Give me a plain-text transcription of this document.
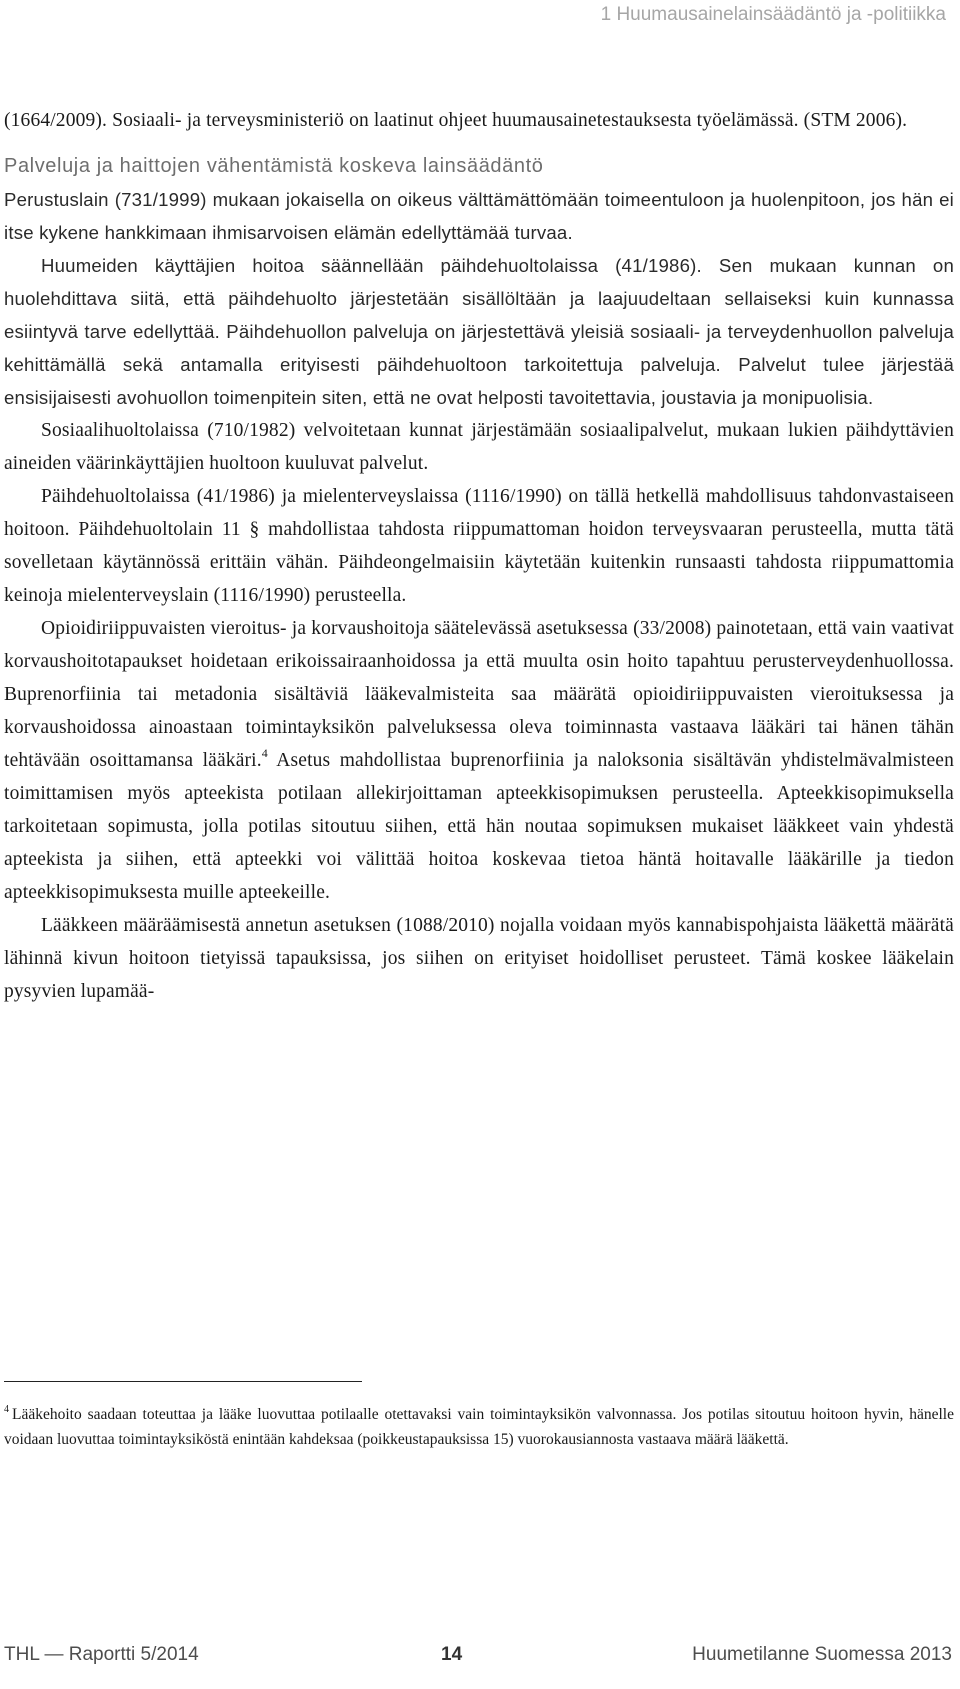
1 Huumausainelainsäädäntö ja -politiikka

(1664/2009). Sosiaali- ja terveysministeriö on laatinut ohjeet huumausainetestauksesta työelämässä. (STM 2006).

Palveluja ja haittojen vähentämistä koskeva lainsäädäntö

Perustuslain (731/1999) mukaan jokaisella on oikeus välttämättömään toimeentuloon ja huolenpitoon, jos hän ei itse kykene hankkimaan ihmisarvoisen elämän edellyttämää turvaa.

Huumeiden käyttäjien hoitoa säännellään päihdehuoltolaissa (41/1986). Sen mukaan kunnan on huolehdittava siitä, että päihdehuolto järjestetään sisällöltään ja laajuudeltaan sellaiseksi kuin kunnassa esiintyvä tarve edellyttää. Päihdehuollon palveluja on järjestettävä yleisiä sosiaali- ja terveydenhuollon palveluja kehittämällä sekä antamalla erityisesti päihdehuoltoon tarkoitettuja palveluja. Palvelut tulee järjestää ensisijaisesti avohuollon toimenpitein siten, että ne ovat helposti tavoitettavia, joustavia ja monipuolisia.

Sosiaalihuoltolaissa (710/1982) velvoitetaan kunnat järjestämään sosiaalipalvelut, mukaan lukien päihdyttävien aineiden väärinkäyttäjien huoltoon kuuluvat palvelut.

Päihdehuoltolaissa (41/1986) ja mielenterveyslaissa (1116/1990) on tällä hetkellä mahdollisuus tahdonvastaiseen hoitoon. Päihdehuoltolain 11 § mahdollistaa tahdosta riippumattoman hoidon terveysvaaran perusteella, mutta tätä sovelletaan käytännössä erittäin vähän. Päihdeongelmaisiin käytetään kuitenkin runsaasti tahdosta riippumattomia keinoja mielenterveyslain (1116/1990) perusteella.

Opioidiriippuvaisten vieroitus- ja korvaushoitoja säätelevässä asetuksessa (33/2008) painotetaan, että vain vaativat korvaushoitotapaukset hoidetaan erikoissairaanhoidossa ja että muulta osin hoito tapahtuu perusterveydenhuollossa. Buprenorfiinia tai metadonia sisältäviä lääkevalmisteita saa määrätä opioidiriippuvaisten vieroituksessa ja korvaushoidossa ainoastaan toimintayksikön palveluksessa oleva toiminnasta vastaava lääkäri tai hänen tähän tehtävään osoittamansa lääkäri.$^4$ Asetus mahdollistaa buprenorfiinia ja naloksonia sisältävän yhdistelmävalmisteen toimittamisen myös apteekista potilaan allekirjoittaman apteekkisopimuksen perusteella. Apteekkisopimuksella tarkoitetaan sopimusta, jolla potilas sitoutuu siihen, että hän noutaa sopimuksen mukaiset lääkkeet vain yhdestä apteekista ja siihen, että apteekki voi välittää hoitoa koskevaa tietoa häntä hoitavalle lääkärille ja tiedon apteekkisopimuksesta muille apteekeille.

Lääkkeen määräämisestä annetun asetuksen (1088/2010) nojalla voidaan myös kannabispohjaista lääkettä määrätä lähinnä kivun hoitoon tietyissä tapauksissa, jos siihen on erityiset hoidolliset perusteet. Tämä koskee lääkelain pysyvien lupamää-

$^4$ Lääkehoito saadaan toteuttaa ja lääke luovuttaa potilaalle otettavaksi vain toimintayksikön valvonnassa. Jos potilas sitoutuu hoitoon hyvin, hänelle voidaan luovuttaa toimintayksiköstä enintään kahdeksaa (poikkeustapauksissa 15) vuorokausiannosta vastaava määrä lääkettä.

THL — Raportti 5/2014	14	Huumetilanne Suomessa 2013
